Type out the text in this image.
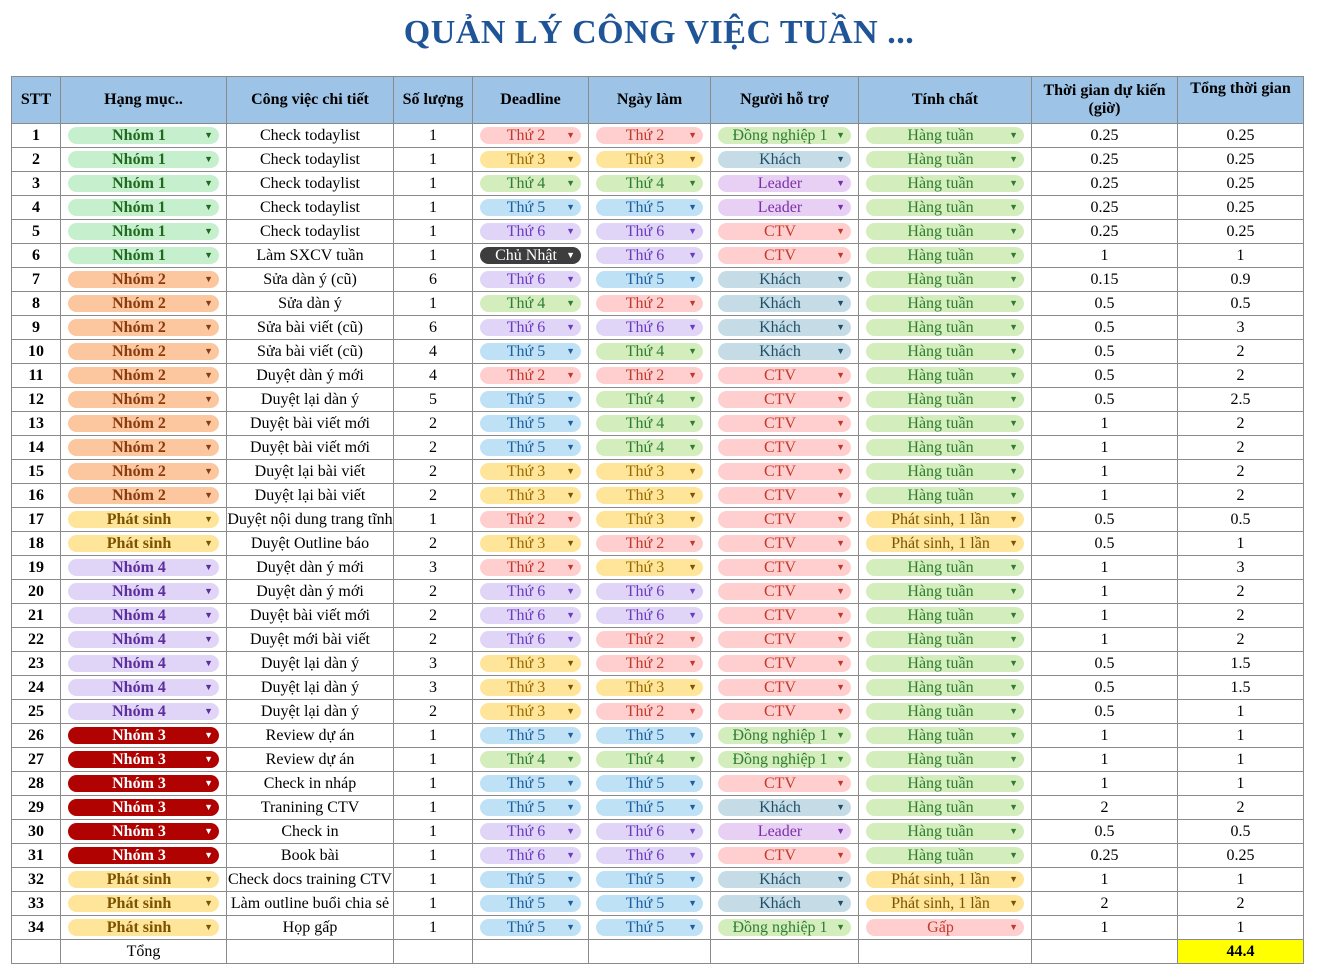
QUẢN LÝ CÔNG VIỆC TUẦN ...
STT	Hạng mục..	Công việc chi tiết	Số lượng	Deadline	Ngày làm	Người hỗ trợ	Tính chất	Thời gian dự kiến (giờ)	Tổng thời gian
1	Nhóm 1 ▼	Check todaylist	1	Thứ 2 ▼	Thứ 2 ▼	Đồng nghiệp 1 ▼	Hàng tuần ▼	0.25	0.25
2	Nhóm 1 ▼	Check todaylist	1	Thứ 3 ▼	Thứ 3 ▼	Khách ▼	Hàng tuần ▼	0.25	0.25
3	Nhóm 1 ▼	Check todaylist	1	Thứ 4 ▼	Thứ 4 ▼	Leader ▼	Hàng tuần ▼	0.25	0.25
4	Nhóm 1 ▼	Check todaylist	1	Thứ 5 ▼	Thứ 5 ▼	Leader ▼	Hàng tuần ▼	0.25	0.25
5	Nhóm 1 ▼	Check todaylist	1	Thứ 6 ▼	Thứ 6 ▼	CTV ▼	Hàng tuần ▼	0.25	0.25
6	Nhóm 1 ▼	Làm SXCV tuần	1	Chủ Nhật ▼	Thứ 6 ▼	CTV ▼	Hàng tuần ▼	1	1
7	Nhóm 2 ▼	Sửa dàn ý (cũ)	6	Thứ 6 ▼	Thứ 5 ▼	Khách ▼	Hàng tuần ▼	0.15	0.9
8	Nhóm 2 ▼	Sửa dàn ý	1	Thứ 4 ▼	Thứ 2 ▼	Khách ▼	Hàng tuần ▼	0.5	0.5
9	Nhóm 2 ▼	Sửa bài viết (cũ)	6	Thứ 6 ▼	Thứ 6 ▼	Khách ▼	Hàng tuần ▼	0.5	3
10	Nhóm 2 ▼	Sửa bài viết (cũ)	4	Thứ 5 ▼	Thứ 4 ▼	Khách ▼	Hàng tuần ▼	0.5	2
11	Nhóm 2 ▼	Duyệt dàn ý mới	4	Thứ 2 ▼	Thứ 2 ▼	CTV ▼	Hàng tuần ▼	0.5	2
12	Nhóm 2 ▼	Duyệt lại dàn ý	5	Thứ 5 ▼	Thứ 4 ▼	CTV ▼	Hàng tuần ▼	0.5	2.5
13	Nhóm 2 ▼	Duyệt bài viết mới	2	Thứ 5 ▼	Thứ 4 ▼	CTV ▼	Hàng tuần ▼	1	2
14	Nhóm 2 ▼	Duyệt bài viết mới	2	Thứ 5 ▼	Thứ 4 ▼	CTV ▼	Hàng tuần ▼	1	2
15	Nhóm 2 ▼	Duyệt lại bài viết	2	Thứ 3 ▼	Thứ 3 ▼	CTV ▼	Hàng tuần ▼	1	2
16	Nhóm 2 ▼	Duyệt lại bài viết	2	Thứ 3 ▼	Thứ 3 ▼	CTV ▼	Hàng tuần ▼	1	2
17	Phát sinh ▼	Duyệt nội dung trang tĩnh	1	Thứ 2 ▼	Thứ 3 ▼	CTV ▼	Phát sinh, 1 lần ▼	0.5	0.5
18	Phát sinh ▼	Duyệt Outline báo	2	Thứ 3 ▼	Thứ 2 ▼	CTV ▼	Phát sinh, 1 lần ▼	0.5	1
19	Nhóm 4 ▼	Duyệt dàn ý mới	3	Thứ 2 ▼	Thứ 3 ▼	CTV ▼	Hàng tuần ▼	1	3
20	Nhóm 4 ▼	Duyệt dàn ý mới	2	Thứ 6 ▼	Thứ 6 ▼	CTV ▼	Hàng tuần ▼	1	2
21	Nhóm 4 ▼	Duyệt bài viết mới	2	Thứ 6 ▼	Thứ 6 ▼	CTV ▼	Hàng tuần ▼	1	2
22	Nhóm 4 ▼	Duyệt mới bài viết	2	Thứ 6 ▼	Thứ 2 ▼	CTV ▼	Hàng tuần ▼	1	2
23	Nhóm 4 ▼	Duyệt lại dàn ý	3	Thứ 3 ▼	Thứ 2 ▼	CTV ▼	Hàng tuần ▼	0.5	1.5
24	Nhóm 4 ▼	Duyệt lại dàn ý	3	Thứ 3 ▼	Thứ 3 ▼	CTV ▼	Hàng tuần ▼	0.5	1.5
25	Nhóm 4 ▼	Duyệt lại dàn ý	2	Thứ 3 ▼	Thứ 2 ▼	CTV ▼	Hàng tuần ▼	0.5	1
26	Nhóm 3 ▼	Review dự án	1	Thứ 5 ▼	Thứ 5 ▼	Đồng nghiệp 1 ▼	Hàng tuần ▼	1	1
27	Nhóm 3 ▼	Review dự án	1	Thứ 4 ▼	Thứ 4 ▼	Đồng nghiệp 1 ▼	Hàng tuần ▼	1	1
28	Nhóm 3 ▼	Check in nháp	1	Thứ 5 ▼	Thứ 5 ▼	CTV ▼	Hàng tuần ▼	1	1
29	Nhóm 3 ▼	Tranining CTV	1	Thứ 5 ▼	Thứ 5 ▼	Khách ▼	Hàng tuần ▼	2	2
30	Nhóm 3 ▼	Check in	1	Thứ 6 ▼	Thứ 6 ▼	Leader ▼	Hàng tuần ▼	0.5	0.5
31	Nhóm 3 ▼	Book bài	1	Thứ 6 ▼	Thứ 6 ▼	CTV ▼	Hàng tuần ▼	0.25	0.25
32	Phát sinh ▼	Check docs training CTV	1	Thứ 5 ▼	Thứ 5 ▼	Khách ▼	Phát sinh, 1 lần ▼	1	1
33	Phát sinh ▼	Làm outline buổi chia sẻ	1	Thứ 5 ▼	Thứ 5 ▼	Khách ▼	Phát sinh, 1 lần ▼	2	2
34	Phát sinh ▼	Họp gấp	1	Thứ 5 ▼	Thứ 5 ▼	Đồng nghiệp 1 ▼	Gấp ▼	1	1
	Tổng								44.4
